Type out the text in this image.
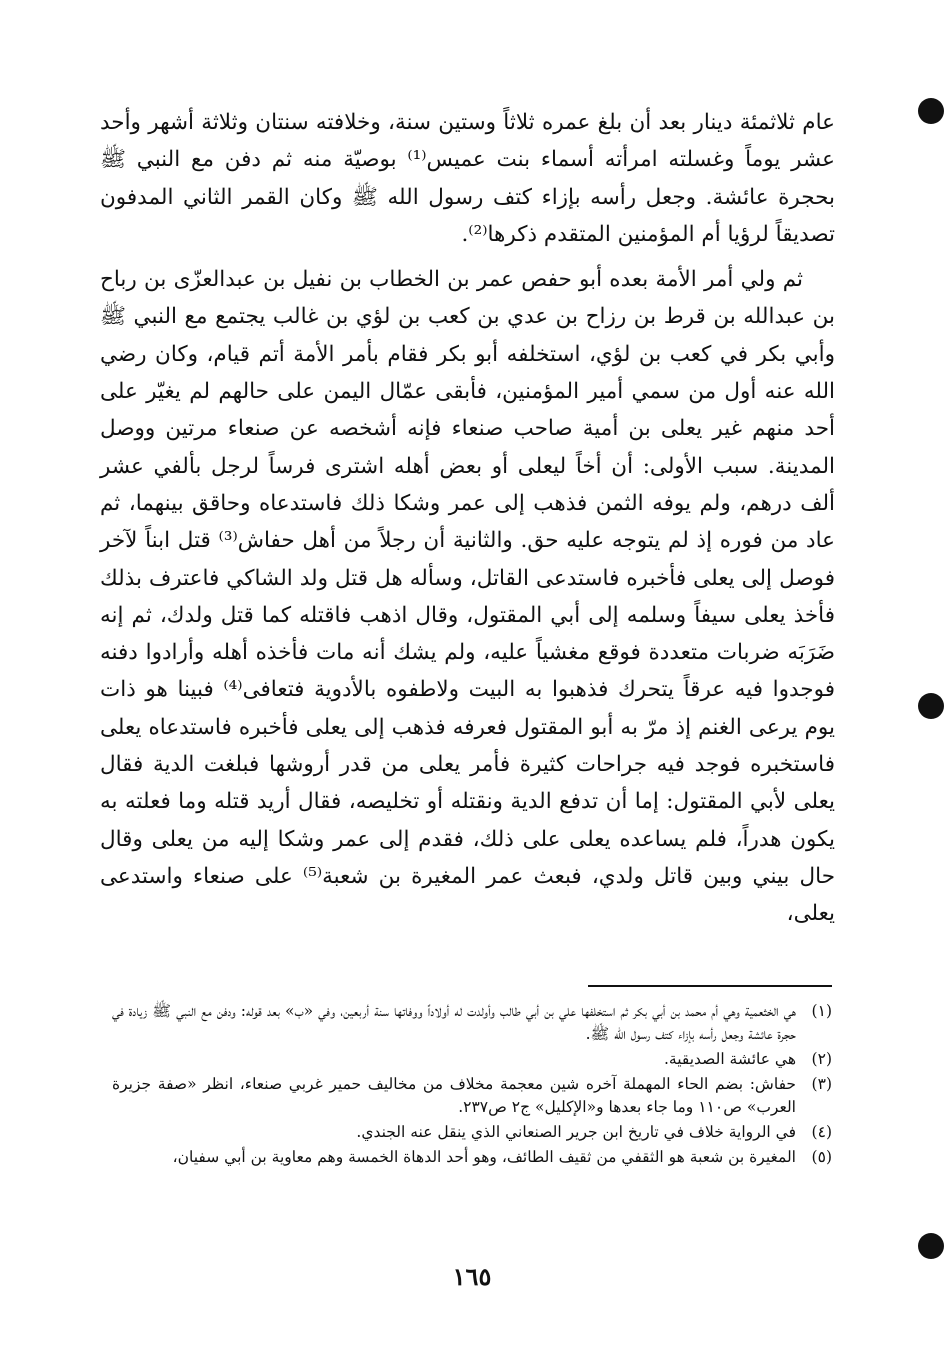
عام ثلاثمئة دينار بعد أن بلغ عمره ثلاثاً وستين سنة، وخلافته سنتان وثلاثة أشهر وأحد عشر يوماً وغسلته امرأته أسماء بنت عميس⁽¹⁾ بوصيّة منه ثم دفن مع النبي ﷺ بحجرة عائشة. وجعل رأسه بإزاء كتف رسول الله ﷺ وكان القمر الثاني المدفون تصديقاً لرؤيا أم المؤمنين المتقدم ذكرها⁽²⁾.

ثم ولي أمر الأمة بعده أبو حفص عمر بن الخطاب بن نفيل بن عبدالعزّى بن رباح بن عبدالله بن قرط بن رزاح بن عدي بن كعب بن لؤي بن غالب يجتمع مع النبي ﷺ وأبي بكر في كعب بن لؤي، استخلفه أبو بكر فقام بأمر الأمة أتم قيام، وكان رضي الله عنه أول من سمي أمير المؤمنين، فأبقى عمّال اليمن على حالهم لم يغيّر على أحد منهم غير يعلى بن أمية صاحب صنعاء فإنه أشخصه عن صنعاء مرتين ووصل المدينة. سبب الأولى: أن أخاً ليعلى أو بعض أهله اشترى فرساً لرجل بألفي عشر ألف درهم، ولم يوفه الثمن فذهب إلى عمر وشكا ذلك فاستدعاه وحاقق بينهما، ثم عاد من فوره إذ لم يتوجه عليه حق. والثانية أن رجلاً من أهل حفاش⁽³⁾ قتل ابناً لآخر فوصل إلى يعلى فأخبره فاستدعى القاتل، وسأله هل قتل ولد الشاكي فاعترف بذلك فأخذ يعلى سيفاً وسلمه إلى أبي المقتول، وقال اذهب فاقتله كما قتل ولدك، ثم إنه ضَرَبَه ضربات متعددة فوقع مغشياً عليه، ولم يشك أنه مات فأخذه أهله وأرادوا دفنه فوجدوا فيه عرقاً يتحرك فذهبوا به البيت ولاطفوه بالأدوية فتعافى⁽⁴⁾ فبينا هو ذات يوم يرعى الغنم إذ مرّ به أبو المقتول فعرفه فذهب إلى يعلى فأخبره فاستدعاه يعلى فاستخبره فوجد فيه جراحات كثيرة فأمر يعلى من قدر أروشها فبلغت الدية فقال يعلى لأبي المقتول: إما أن تدفع الدية ونقتله أو تخليصه، فقال أريد قتله وما فعلته به يكون هدراً، فلم يساعده يعلى على ذلك، فقدم إلى عمر وشكا إليه من يعلى وقال حال بيني وبين قاتل ولدي، فبعث عمر المغيرة بن شعبة⁽⁵⁾ على صنعاء واستدعى يعلى،

(١)
هي الخثعمية وهي أم محمد بن أبي بكر ثم استخلفها علي بن أبي طالب وأولدت له أولاداً ووفاتها سنة أربعين، وفي «ب» بعد قوله: ودفن مع النبي ﷺ زيادة في حجرة عائشة وجعل رأسه بإزاء كتف رسول الله ﷺ.
(٢)
هي عائشة الصديقية.
(٣)
حفاش: بضم الحاء المهملة آخره شين معجمة مخلاف من مخاليف حمير غربي صنعاء، انظر «صفة جزيرة العرب» ص١١٠ وما جاء بعدها و«الإكليل» ج٢ ص٢٣٧.
(٤)
في الرواية خلاف في تاريخ ابن جرير الصنعاني الذي ينقل عنه الجندي.
(٥)
المغيرة بن شعبة هو الثقفي من ثقيف الطائف، وهو أحد الدهاة الخمسة وهم معاوية بن أبي سفيان،
١٦٥
